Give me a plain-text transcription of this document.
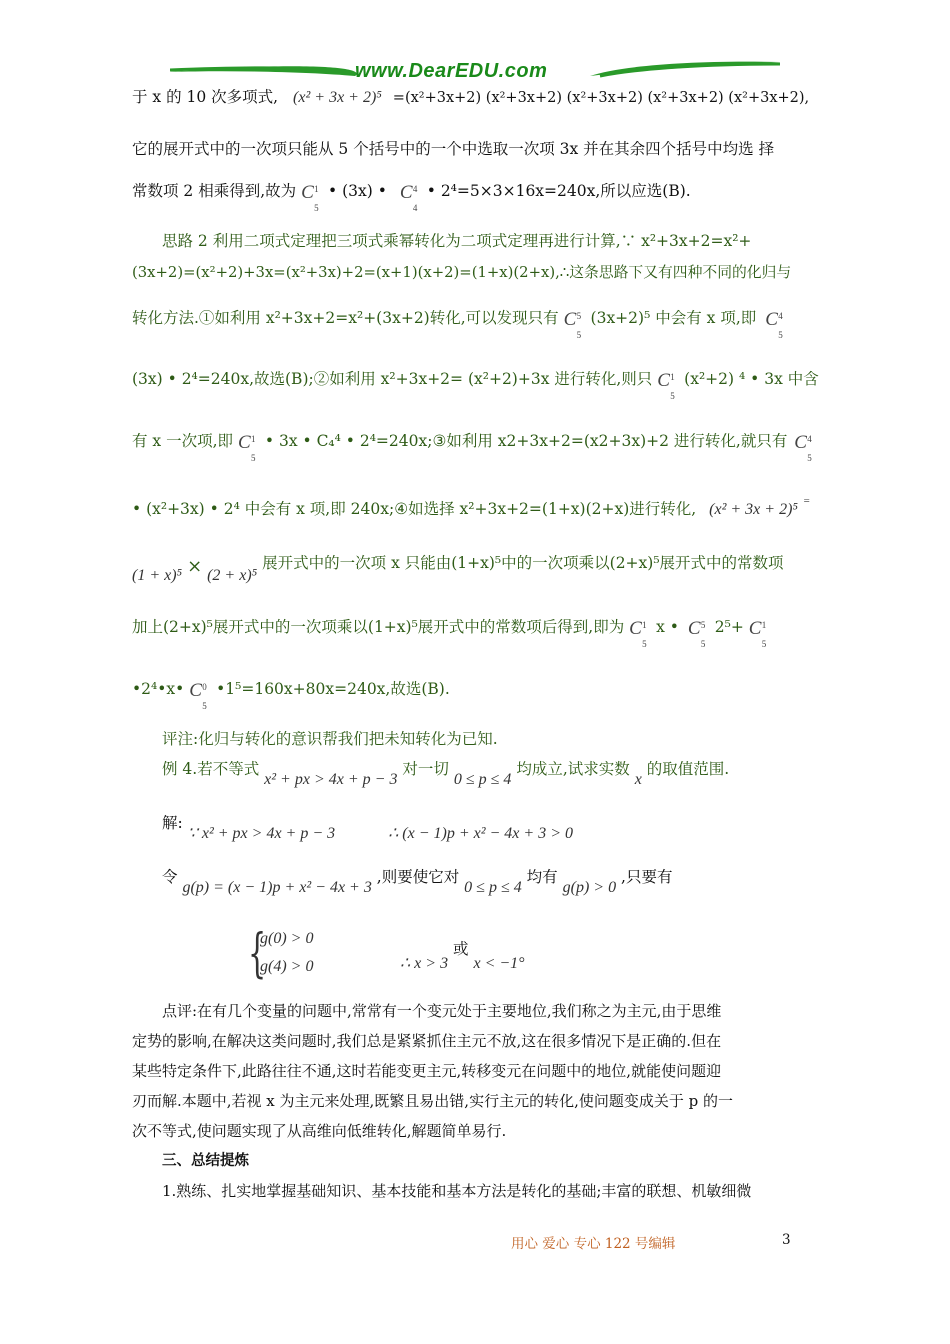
www.DearEDU.com
于 x 的 10 次多项式, (x² + 3x + 2)⁵ =(x²+3x+2) (x²+3x+2) (x²+3x+2) (x²+3x+2) (x²+3x+2),
它的展开式中的一次项只能从 5 个括号中的一个中选取一次项 3x 并在其余四个括号中均选 择
常数项 2 相乘得到,故为 C 1
5
• (3x) • C 4
4
• 2⁴=5×3×16x=240x,所以应选(B).
思路 2 利用二项式定理把三项式乘幂转化为二项式定理再进行计算,∵ x²+3x+2=x²+
(3x+2)=(x²+2)+3x=(x²+3x)+2=(x+1)(x+2)=(1+x)(2+x),∴这条思路下又有四种不同的化归与
转化方法.①如利用 x²+3x+2=x²+(3x+2)转化,可以发现只有 C 5
5
(3x+2)⁵ 中会有 x 项,即 C 4
5
(3x) • 2⁴=240x,故选(B);②如利用 x²+3x+2= (x²+2)+3x 进行转化,则只 C 1
5
(x²+2) ⁴ • 3x 中含
有 x 一次项,即 C 1
5
• 3x • C₄⁴ • 2⁴=240x;③如利用 x2+3x+2=(x2+3x)+2 进行转化,就只有 C 4
5
• (x²+3x) • 2⁴ 中会有 x 项,即 240x;④如选择 x²+3x+2=(1+x)(2+x)进行转化, (x² + 3x + 2)⁵ =
(1 + x)⁵ × (2 + x)⁵ 展开式中的一次项 x 只能由(1+x)⁵中的一次项乘以(2+x)⁵展开式中的常数项
加上(2+x)⁵展开式中的一次项乘以(1+x)⁵展开式中的常数项后得到,即为 C 1
5
x • C 5
5
2⁵+ C 1
5
•2⁴•x• C 0
5
•1⁵=160x+80x=240x,故选(B).
评注:化归与转化的意识帮我们把未知转化为已知.
例 4.若不等式 x² + px > 4x + p − 3 对一切 0 ≤ p ≤ 4 均成立,试求实数 x 的取值范围.
解: ∵ x² + px > 4x + p − 3	∴ (x − 1)p + x² − 4x + 3 > 0
令 g(p) = (x − 1)p + x² − 4x + 3 ,则要使它对 0 ≤ p ≤ 4 均有 g(p) > 0 ,只要有
{
g(0) > 0
g(4) > 0	∴ x > 3 或 x < −1°
点评:在有几个变量的问题中,常常有一个变元处于主要地位,我们称之为主元,由于思维
定势的影响,在解决这类问题时,我们总是紧紧抓住主元不放,这在很多情况下是正确的.但在
某些特定条件下,此路往往不通,这时若能变更主元,转移变元在问题中的地位,就能使问题迎
刃而解.本题中,若视 x 为主元来处理,既繁且易出错,实行主元的转化,使问题变成关于 p 的一
次不等式,使问题实现了从高维向低维转化,解题简单易行.
三、总结提炼
1.熟练、扎实地掌握基础知识、基本技能和基本方法是转化的基础;丰富的联想、机敏细微
用心 爱心 专心 122 号编辑	3
